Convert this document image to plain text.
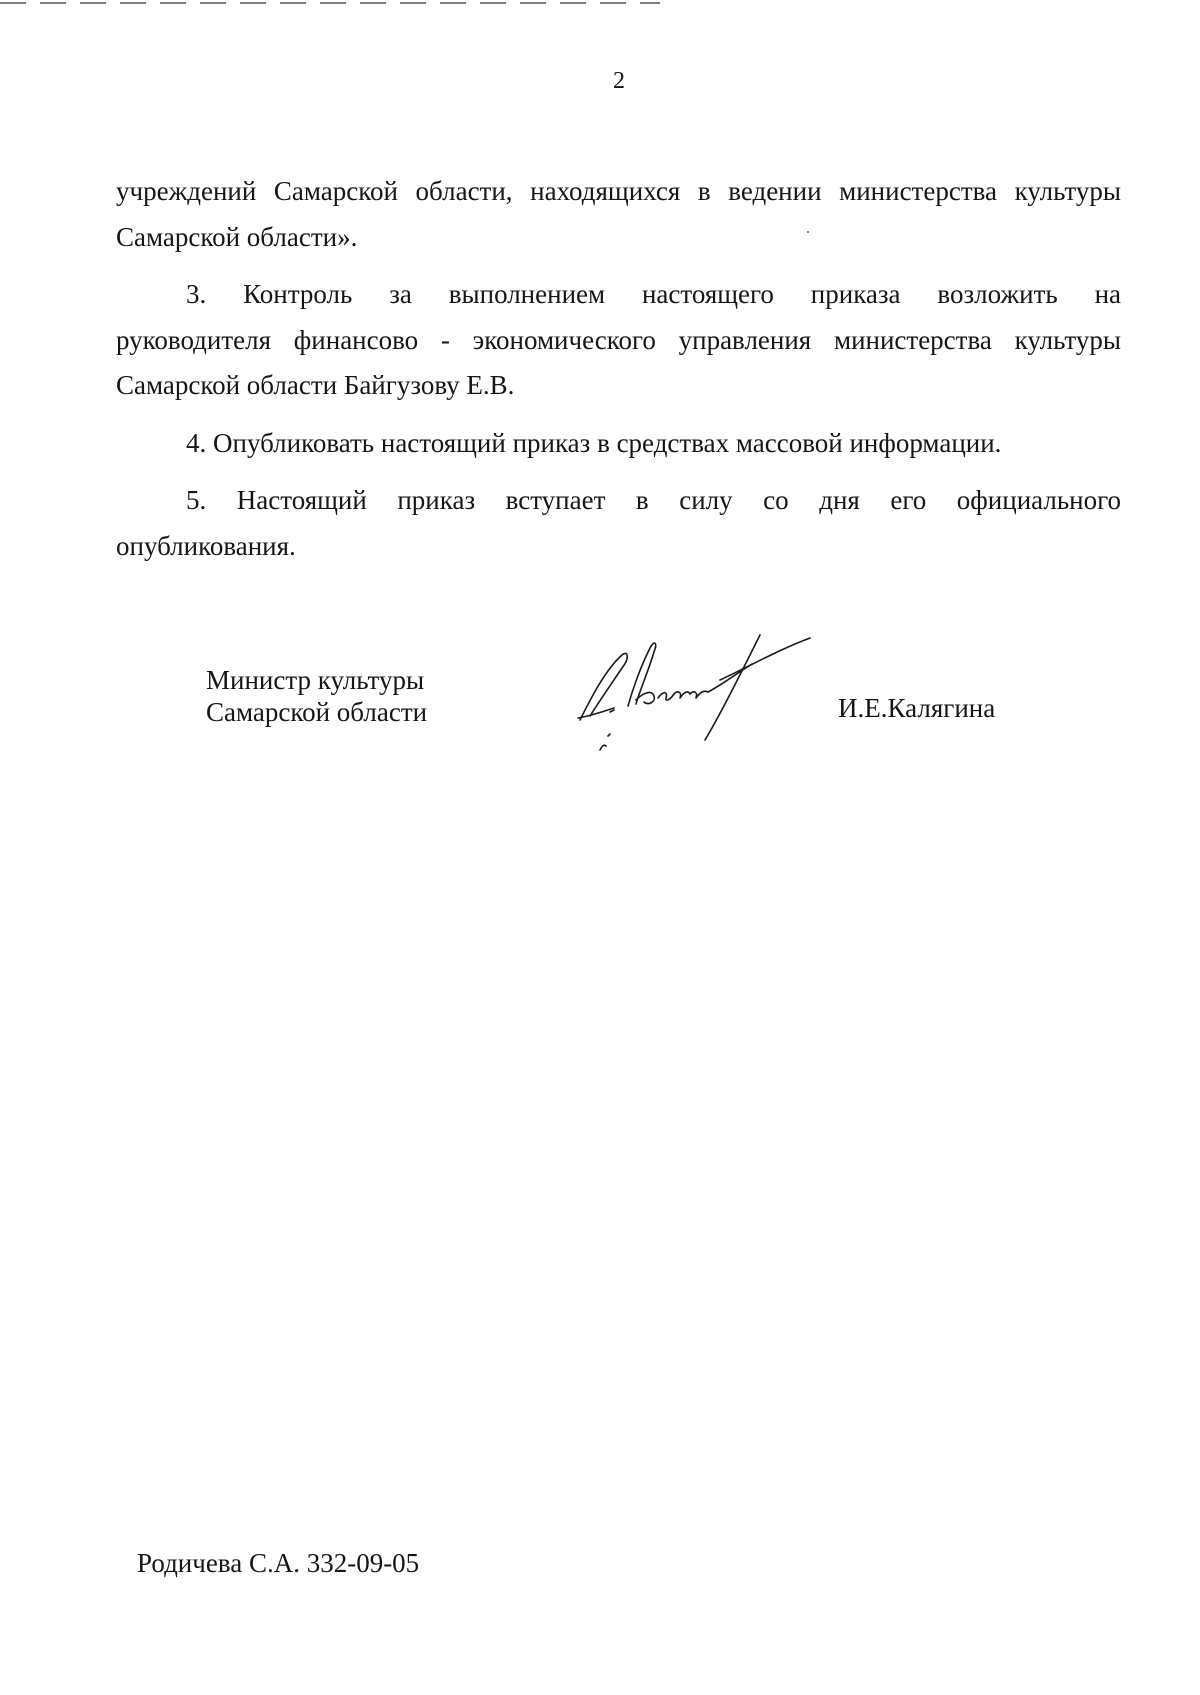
2

учреждений Самарской области, находящихся в ведении министерства культуры

Самарской области».

3. Контроль за выполнением настоящего приказа возложить на

руководителя финансово - экономического управления министерства культуры

Самарской области Байгузову Е.В.

4. Опубликовать настоящий приказ в средствах массовой информации.

5. Настоящий приказ вступает в силу со дня его официального

опубликования.

Министр культуры
Самарской области	И.Е.Калягина
Родичева С.А. 332-09-05
